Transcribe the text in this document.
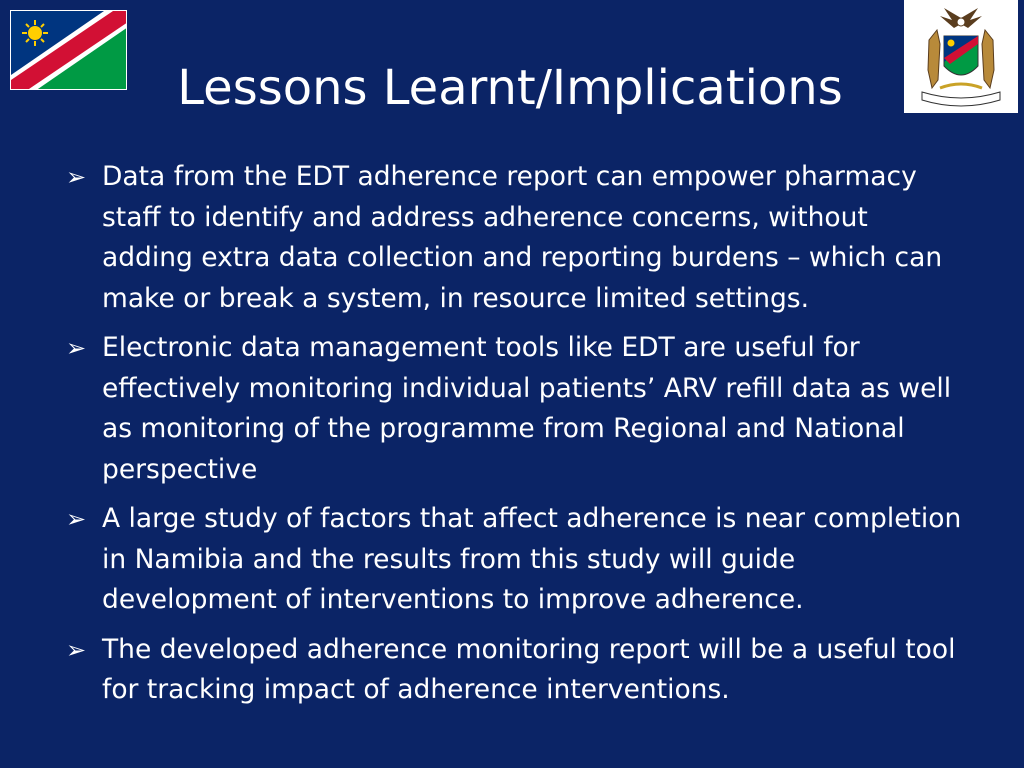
Lessons Learnt/Implications
➢ Data from the EDT adherence report can empower pharmacy staff to identify and address adherence concerns, without adding extra data collection and reporting burdens – which can make or break a system, in resource limited settings.
➢ Electronic data management tools like EDT are useful for effectively monitoring individual patients’ ARV refill data as well as monitoring of the programme from Regional and National perspective
➢ A large study of factors that affect adherence is near completion in Namibia and the results from this study will guide development of interventions to improve adherence.
➢ The developed adherence monitoring report will be a useful tool for tracking impact of adherence interventions.
